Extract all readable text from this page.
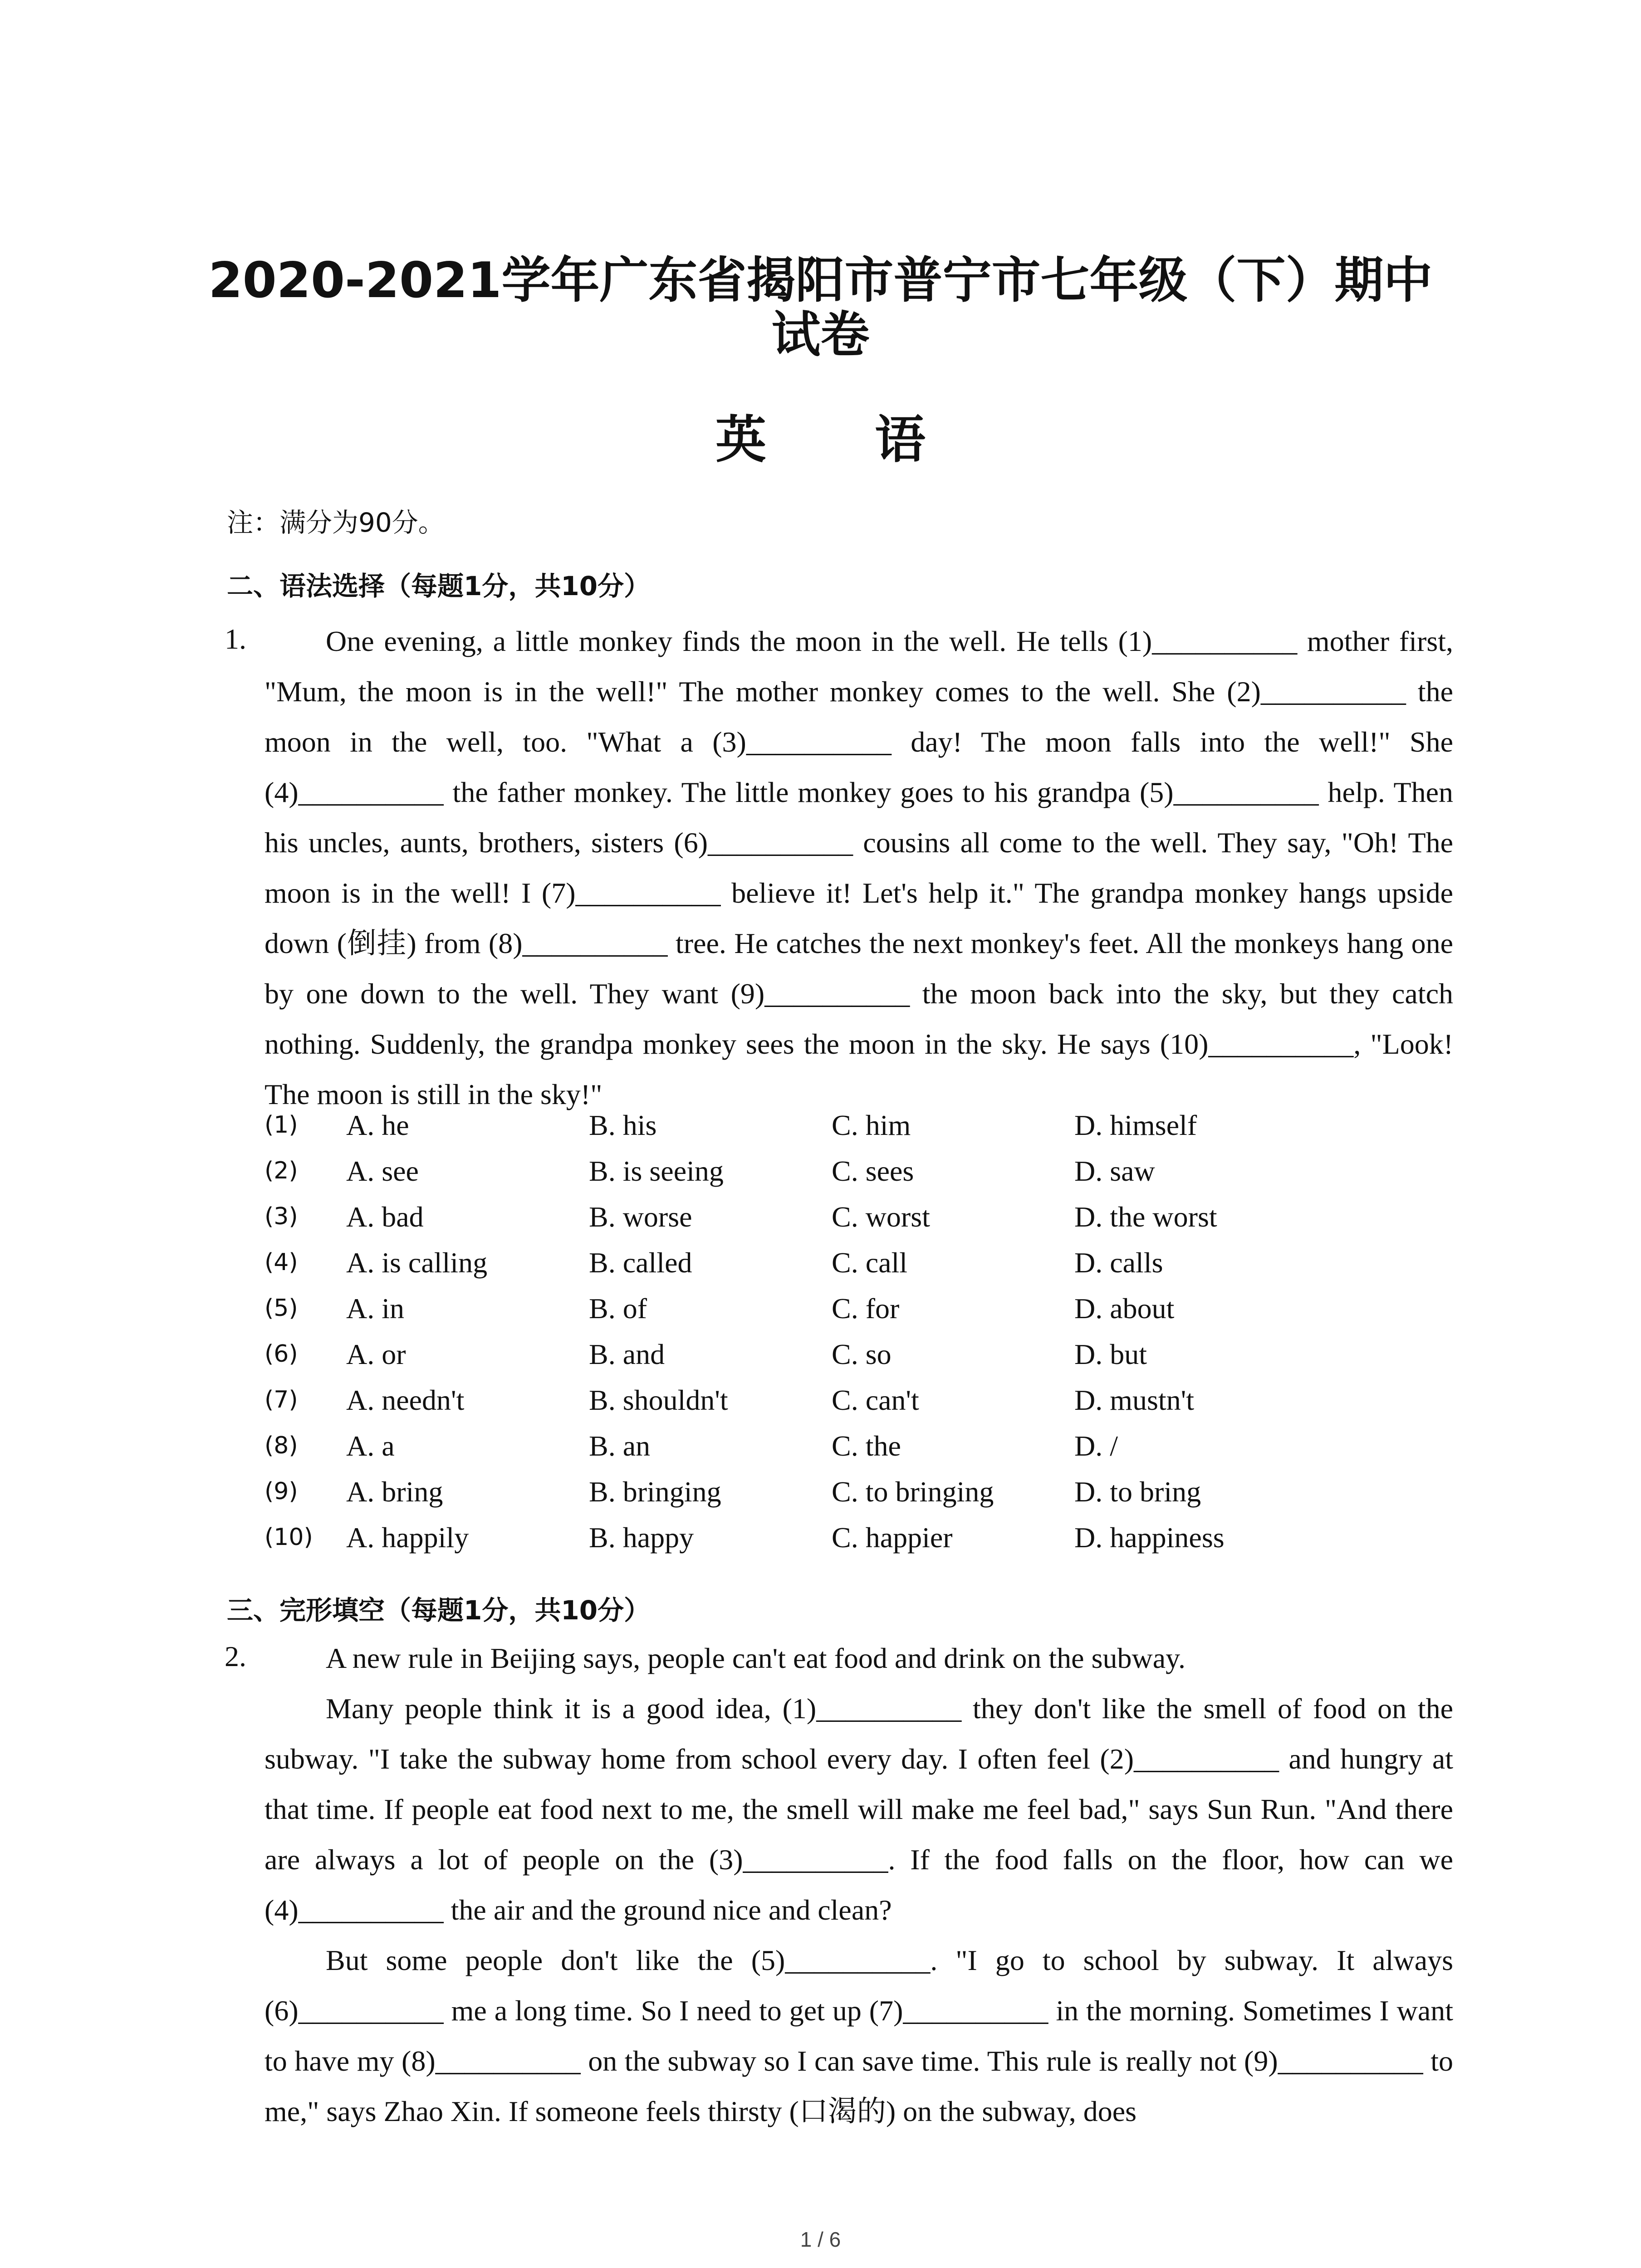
2020-2021学年广东省揭阳市普宁市七年级（下）期中
试卷
英 语

注：满分为90分。

二、语法选择（每题1分，共10分）

1.	One evening, a little monkey finds the moon in the well. He tells (1)__________ mother first, "Mum, the moon is in the well!" The mother monkey comes to the well. She (2)__________ the moon in the well, too. "What a (3)__________ day! The moon falls into the well!" She (4)__________ the father monkey. The little monkey goes to his grandpa (5)__________ help. Then his uncles, aunts, brothers, sisters (6)__________ cousins all come to the well. They say, "Oh! The moon is in the well! I (7)__________ believe it! Let's help it." The grandpa monkey hangs upside down (倒挂) from (8)__________ tree. He catches the next monkey's feet. All the monkeys hang one by one down to the well. They want (9)__________ the moon back into the sky, but they catch nothing. Suddenly, the grandpa monkey sees the moon in the sky. He says (10)__________, "Look! The moon is still in the sky!"

(1)	A. he	B. his	C. him	D. himself
(2)	A. see	B. is seeing	C. sees	D. saw
(3)	A. bad	B. worse	C. worst	D. the worst
(4)	A. is calling	B. called	C. call	D. calls
(5)	A. in	B. of	C. for	D. about
(6)	A. or	B. and	C. so	D. but
(7)	A. needn't	B. shouldn't	C. can't	D. mustn't
(8)	A. a	B. an	C. the	D. /
(9)	A. bring	B. bringing	C. to bringing	D. to bring
(10)	A. happily	B. happy	C. happier	D. happiness

三、完形填空（每题1分，共10分）

2.	A new rule in Beijing says, people can't eat food and drink on the subway.

Many people think it is a good idea, (1)__________ they don't like the smell of food on the subway. "I take the subway home from school every day. I often feel (2)__________ and hungry at that time. If people eat food next to me, the smell will make me feel bad," says Sun Run. "And there are always a lot of people on the (3)__________. If the food falls on the floor, how can we (4)__________ the air and the ground nice and clean?

But some people don't like the (5)__________. "I go to school by subway. It always (6)__________ me a long time. So I need to get up (7)__________ in the morning. Sometimes I want to have my (8)__________ on the subway so I can save time. This rule is really not (9)__________ to me," says Zhao Xin. If someone feels thirsty (口渴的) on the subway, does

1 / 6
